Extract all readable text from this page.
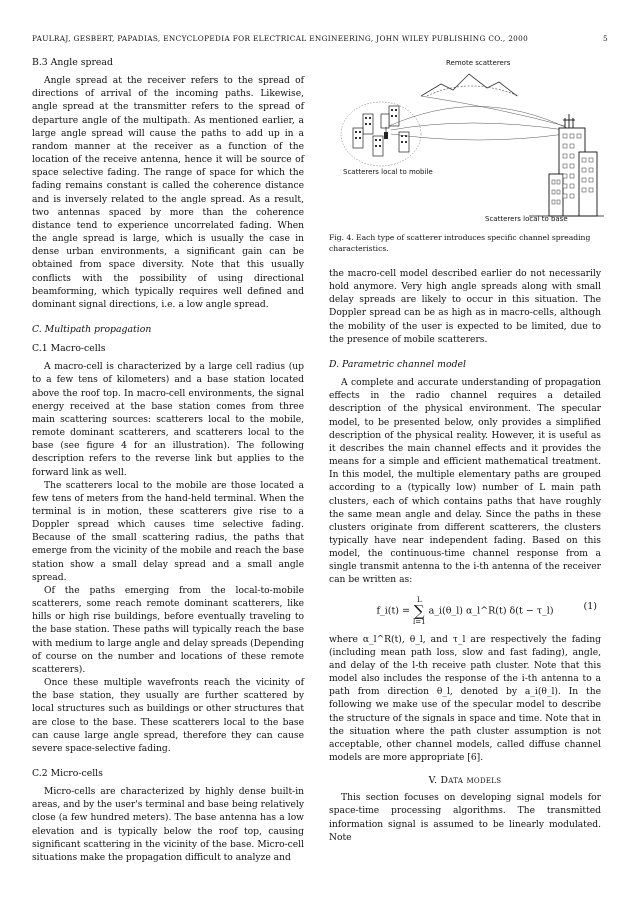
PAULRAJ, GESBERT, PAPADIAS, ENCYCLOPEDIA FOR ELECTRICAL ENGINEERING, JOHN WILEY PUBLISHING CO., 2000	5
B.3 Angle spread

Angle spread at the receiver refers to the spread of directions of arrival of the incoming paths. Likewise, angle spread at the transmitter refers to the spread of departure angle of the multipath. As mentioned earlier, a large angle spread will cause the paths to add up in a random manner at the receiver as a function of the location of the receive antenna, hence it will be source of space selective fading. The range of space for which the fading remains constant is called the coherence distance and is inversely related to the angle spread. As a result, two antennas spaced by more than the coherence distance tend to experience uncorrelated fading. When the angle spread is large, which is usually the case in dense urban environments, a significant gain can be obtained from space diversity. Note that this usually conflicts with the possibility of using directional beamforming, which typically requires well defined and dominant signal directions, i.e. a low angle spread.

C. Multipath propagation
C.1 Macro-cells

A macro-cell is characterized by a large cell radius (up to a few tens of kilometers) and a base station located above the roof top. In macro-cell environments, the signal energy received at the base station comes from three main scattering sources: scatterers local to the mobile, remote dominant scatterers, and scatterers local to the base (see figure 4 for an illustration). The following description refers to the reverse link but applies to the forward link as well.

The scatterers local to the mobile are those located a few tens of meters from the hand-held terminal. When the terminal is in motion, these scatterers give rise to a Doppler spread which causes time selective fading. Because of the small scattering radius, the paths that emerge from the vicinity of the mobile and reach the base station show a small delay spread and a small angle spread.

Of the paths emerging from the local-to-mobile scatterers, some reach remote dominant scatterers, like hills or high rise buildings, before eventually traveling to the base station. These paths will typically reach the base with medium to large angle and delay spreads (Depending of course on the number and locations of these remote scatterers).

Once these multiple wavefronts reach the vicinity of the base station, they usually are further scattered by local structures such as buildings or other structures that are close to the base. These scatterers local to the base can cause large angle spread, therefore they can cause severe space-selective fading.

C.2 Micro-cells

Micro-cells are characterized by highly dense built-in areas, and by the user's terminal and base being relatively close (a few hundred meters). The base antenna has a low elevation and is typically below the roof top, causing significant scattering in the vicinity of the base. Micro-cell situations make the propagation difficult to analyze and

Remote scatterers
Scatterers local to mobile
Scatterers local to base
Fig. 4. Each type of scatterer introduces specific channel spreading characteristics.

the macro-cell model described earlier do not necessarily hold anymore. Very high angle spreads along with small delay spreads are likely to occur in this situation. The Doppler spread can be as high as in macro-cells, although the mobility of the user is expected to be limited, due to the presence of mobile scatterers.

D. Parametric channel model

A complete and accurate understanding of propagation effects in the radio channel requires a detailed description of the physical environment. The specular model, to be presented below, only provides a simplified description of the physical reality. However, it is useful as it describes the main channel effects and it provides the means for a simple and efficient mathematical treatment. In this model, the multiple elementary paths are grouped according to a (typically low) number of L main path clusters, each of which contains paths that have roughly the same mean angle and delay. Since the paths in these clusters originate from different scatterers, the clusters typically have near independent fading. Based on this model, the continuous-time channel response from a single transmit antenna to the i-th antenna of the receiver can be written as:

f_i(t) =
L
∑
l=1
a_i(θ_l) α_l^R(t) δ(t − τ_l)	(1)

where α_l^R(t), θ_l, and τ_l are respectively the fading (including mean path loss, slow and fast fading), angle, and delay of the l-th receive path cluster. Note that this model also includes the response of the i-th antenna to a path from direction θ_l, denoted by a_i(θ_l). In the following we make use of the specular model to describe the structure of the signals in space and time. Note that in the situation where the path cluster assumption is not acceptable, other channel models, called diffuse channel models are more appropriate [6].

V. Data models

This section focuses on developing signal models for space-time processing algorithms. The transmitted information signal is assumed to be linearly modulated. Note
